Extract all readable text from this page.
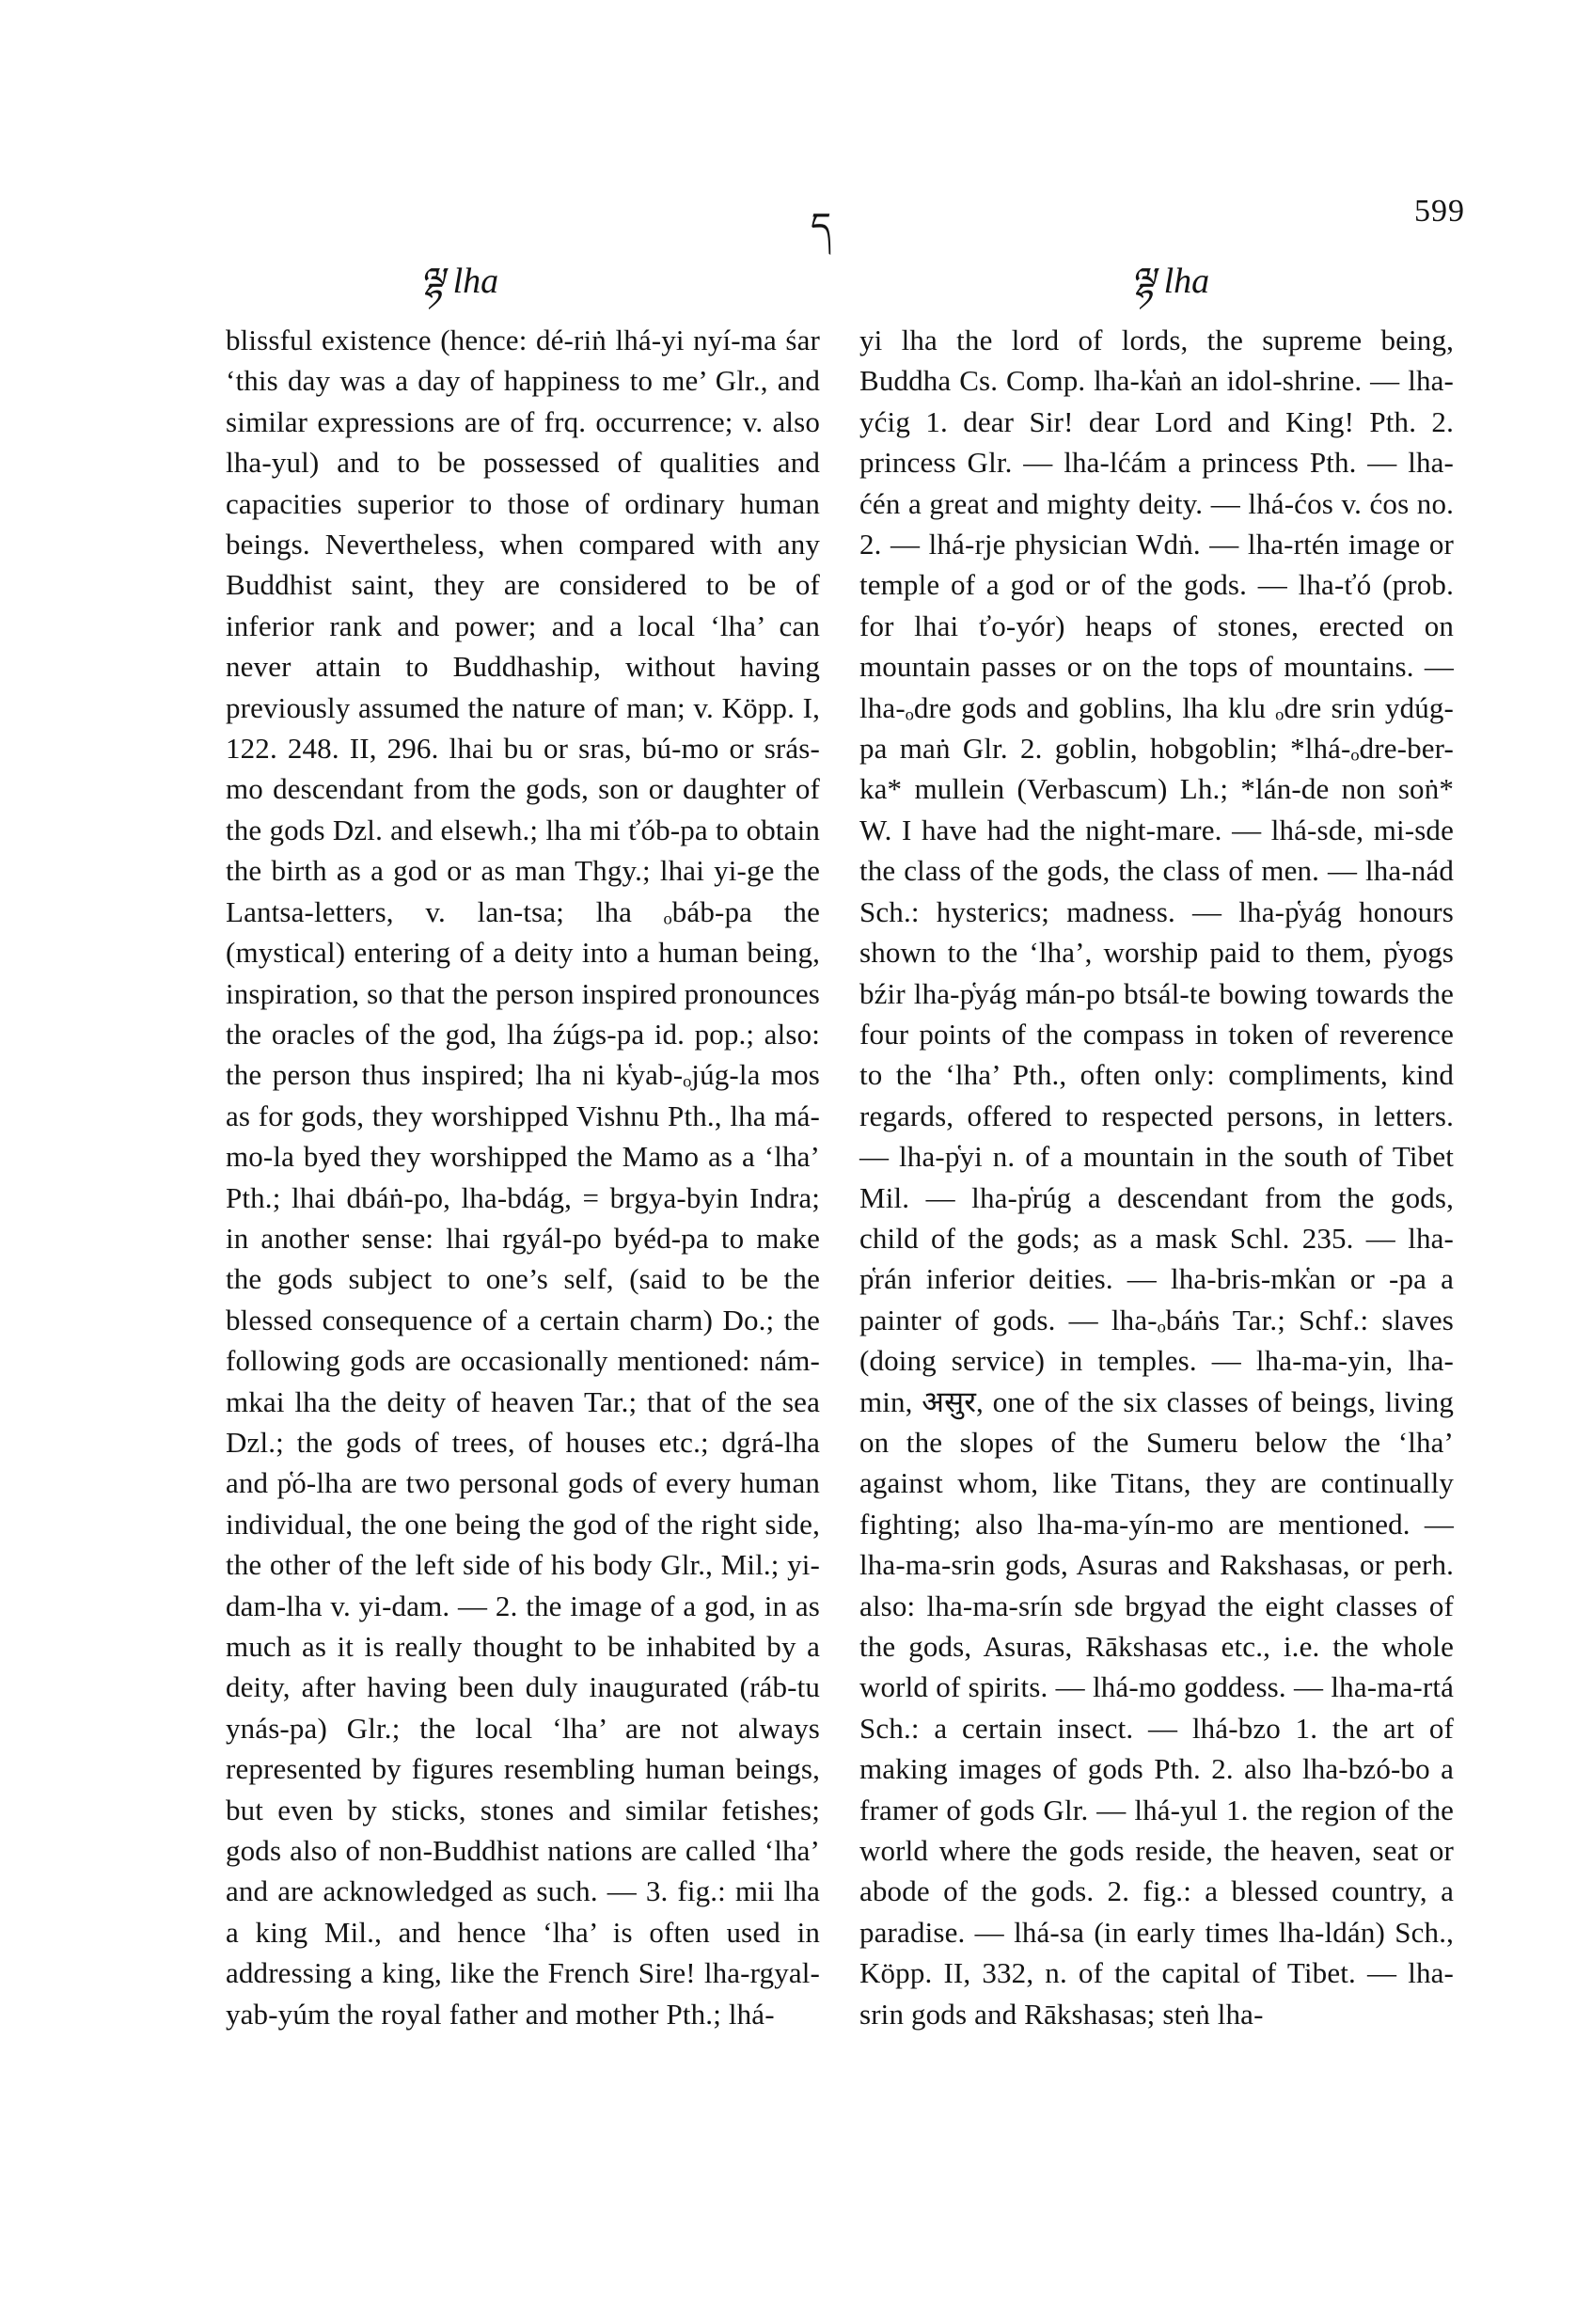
ད	599
ལྷ lha	ལྷ lha

blissful existence (hence: dé-riṅ lhá-yi nyí-ma śar ‘this day was a day of happiness to me’ Glr., and similar expressions are of frq. occurrence; v. also lha-yul) and to be possessed of qualities and capacities superior to those of ordinary human beings. Nevertheless, when compared with any Buddhist saint, they are considered to be of inferior rank and power; and a local ‘lha’ can never attain to Buddhaship, without having previously assumed the nature of man; v. Köpp. I, 122. 248. II, 296. lhai bu or sras, bú-mo or srás-mo descendant from the gods, son or daughter of the gods Dzl. and elsewh.; lha mi ťób-pa to obtain the birth as a god or as man Thgy.; lhai yi-ge the Lantsa-letters, v. lan-tsa; lha ₒbáb-pa the (mystical) entering of a deity into a human being, inspiration, so that the person inspired pronounces the oracles of the god, lha źúgs-pa id. pop.; also: the person thus inspired; lha ni k̔yab-ₒjúg-la mos as for gods, they worshipped Vishnu Pth., lha má-mo-la byed they worshipped the Mamo as a ‘lha’ Pth.; lhai dbáṅ-po, lha-bdág, = brgya-byin Indra; in another sense: lhai rgyál-po byéd-pa to make the gods subject to one’s self, (said to be the blessed consequence of a certain charm) Do.; the following gods are occasionally mentioned: nám-mkai lha the deity of heaven Tar.; that of the sea Dzl.; the gods of trees, of houses etc.; dgrá-lha and p̔ó-lha are two personal gods of every human individual, the one being the god of the right side, the other of the left side of his body Glr., Mil.; yi-dam-lha v. yi-dam. — 2. the image of a god, in as much as it is really thought to be inhabited by a deity, after having been duly inaugurated (ráb-tu ynás-pa) Glr.; the local ‘lha’ are not always represented by figures resembling human beings, but even by sticks, stones and similar fetishes; gods also of non-Buddhist nations are called ‘lha’ and are acknowledged as such. — 3. fig.: mii lha a king Mil., and hence ‘lha’ is often used in addressing a king, like the French Sire! lha-rgyal-yab-yúm the royal father and mother Pth.; lhá-

yi lha the lord of lords, the supreme being, Buddha Cs. Comp. lha-k̔aṅ an idol-shrine. — lha-yćig 1. dear Sir! dear Lord and King! Pth. 2. princess Glr. — lha-lćám a princess Pth. — lha-ćén a great and mighty deity. — lhá-ćos v. ćos no. 2. — lhá-rje physician Wdṅ. — lha-rtén image or temple of a god or of the gods. — lha-ťó (prob. for lhai ťo-yór) heaps of stones, erected on mountain passes or on the tops of mountains. — lha-ₒdre gods and goblins, lha klu ₒdre srin ydúg-pa maṅ Glr. 2. goblin, hobgoblin; *lhá-ₒdre-ber-ka* mullein (Verbascum) Lh.; *lán-de non soṅ* W. I have had the night-mare. — lhá-sde, mi-sde the class of the gods, the class of men. — lha-nád Sch.: hysterics; madness. — lha-p̔yág honours shown to the ‘lha’, worship paid to them, p̔yogs bźir lha-p̔yág mán-po btsál-te bowing towards the four points of the compass in token of reverence to the ‘lha’ Pth., often only: compliments, kind regards, offered to respected persons, in letters. — lha-p̔yi n. of a mountain in the south of Tibet Mil. — lha-p̔rúg a descendant from the gods, child of the gods; as a mask Schl. 235. — lha-p̔rán inferior deities. — lha-bris-mk̔an or -pa a painter of gods. — lha-ₒbáṅs Tar.; Schf.: slaves (doing service) in temples. — lha-ma-yin, lha-min, असुर, one of the six classes of beings, living on the slopes of the Sumeru below the ‘lha’ against whom, like Titans, they are continually fighting; also lha-ma-yín-mo are mentioned. — lha-ma-srin gods, Asuras and Rakshasas, or perh. also: lha-ma-srín sde brgyad the eight classes of the gods, Asuras, Rākshasas etc., i.e. the whole world of spirits. — lhá-mo goddess. — lha-ma-rtá Sch.: a certain insect. — lhá-bzo 1. the art of making images of gods Pth. 2. also lha-bzó-bo a framer of gods Glr. — lhá-yul 1. the region of the world where the gods reside, the heaven, seat or abode of the gods. 2. fig.: a blessed country, a paradise. — lhá-sa (in early times lha-ldán) Sch., Köpp. II, 332, n. of the capital of Tibet. — lha-srin gods and Rākshasas; steṅ lha-
